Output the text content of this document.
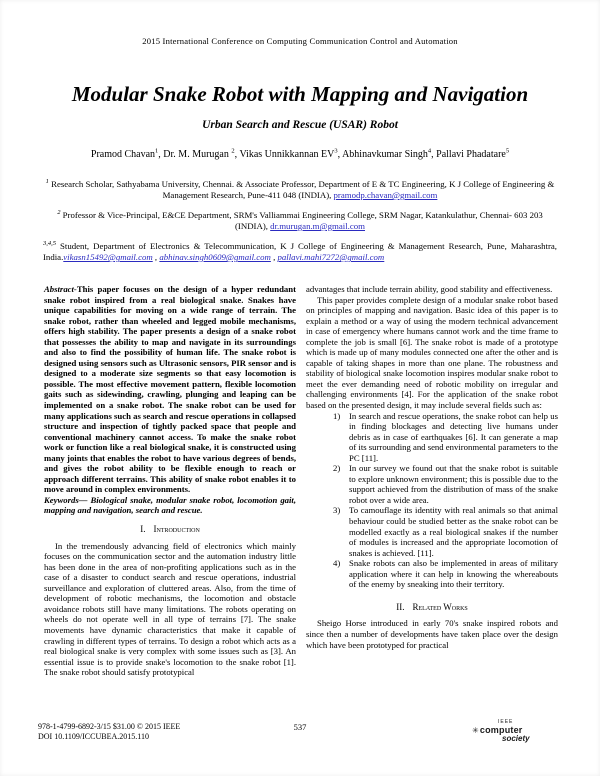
2015 International Conference on Computing Communication Control and Automation
Modular Snake Robot with Mapping and Navigation
Urban Search and Rescue (USAR) Robot
Pramod Chavan$^1$, Dr. M. Murugan $^2$, Vikas Unnikkannan $EV^3$, Abhinavkumar Singh$^4$, Pallavi Phadatare$^5$
$^1$ Research Scholar, Sathyabama University, Chennai. & Associate Professor, Department of E & TC Engineering, K J College of Engineering & Management Research, Pune-411 048 (INDIA), pramodp.chavan@gmail.com
$^2$ Professor & Vice-Principal, E&CE Department, SRM's Valliammai Engineering College, SRM Nagar, Katankulathur, Chennai- 603 203 (INDIA), dr.murugan.m@gmail.com
$^{3,4,5}$ Student, Department of Electronics & Telecommunication, K J College of Engineering & Management Research, Pune, Maharashtra, India.vikasn15492@gmail.com , abhinav.singh0609@gmail.com , pallavi.mahi7272@gmail.com

Abstract-This paper focuses on the design of a hyper redundant snake robot inspired from a real biological snake. Snakes have unique capabilities for moving on a wide range of terrain. The snake robot, rather than wheeled and legged mobile mechanisms, offers high stability. The paper presents a design of a snake robot that possesses the ability to map and navigate in its surroundings and also to find the possibility of human life. The snake robot is designed using sensors such as Ultrasonic sensors, PIR sensor and is designed to a moderate size segments so that easy locomotion is possible. The most effective movement pattern, flexible locomotion gaits such as sidewinding, crawling, plunging and leaping can be implemented on a snake robot. The snake robot can be used for many applications such as search and rescue operations in collapsed structure and inspection of tightly packed space that people and conventional machinery cannot access. To make the snake robot work or function like a real biological snake, it is constructed using many joints that enables the robot to have various degrees of bends, and gives the robot ability to be flexible enough to reach or approach different terrains. This ability of snake robot enables it to move around in complex environments.

Keywords— Biological snake, modular snake robot, locomotion gait, mapping and navigation, search and rescue.

I. Introduction

In the tremendously advancing field of electronics which mainly focuses on the communication sector and the automation industry little has been done in the area of non-profiting applications such as in the case of a disaster to conduct search and rescue operations, industrial surveillance and exploration of cluttered areas. Also, from the time of development of robotic mechanisms, the locomotion and obstacle avoidance robots still have many limitations. The robots operating on wheels do not operate well in all type of terrains [7]. The snake movements have dynamic characteristics that make it capable of crawling in different types of terrains. To design a robot which acts as a real biological snake is very complex with some issues such as [3]. An essential issue is to provide snake's locomotion to the snake robot [1]. The snake robot should satisfy prototypical

advantages that include terrain ability, good stability and effectiveness.

This paper provides complete design of a modular snake robot based on principles of mapping and navigation. Basic idea of this paper is to explain a method or a way of using the modern technical advancement in case of emergency where humans cannot work and the time frame to complete the job is small [6]. The snake robot is made of a prototype which is made up of many modules connected one after the other and is capable of taking shapes in more than one plane. The robustness and stability of biological snake locomotion inspires modular snake robot to meet the ever demanding need of robotic mobility on irregular and challenging environments [4]. For the application of the snake robot based on the presented design, it may include several fields such as:

1)	In search and rescue operations, the snake robot can help us in finding blockages and detecting live humans under debris as in case of earthquakes [6]. It can generate a map of its surrounding and send environmental parameters to the PC [11].
2)	In our survey we found out that the snake robot is suitable to explore unknown environment; this is possible due to the support achieved from the distribution of mass of the snake robot over a wide area.
3)	To camouflage its identity with real animals so that animal behaviour could be studied better as the snake robot can be modelled exactly as a real biological snakes if the number of modules is increased and the appropriate locomotion of snakes is achieved. [11].
4)	Snake robots can also be implemented in areas of military application where it can help in knowing the whereabouts of the enemy by sneaking into their territory.
II. Related Works

Sheigo Horse introduced in early 70's snake inspired robots and since then a number of developments have taken place over the design which have been prototyped for practical

978-1-4799-6892-3/15 $31.00 © 2015 IEEE
DOI 10.1109/ICCUBEA.2015.110
537	IEEE
✳computer
society
